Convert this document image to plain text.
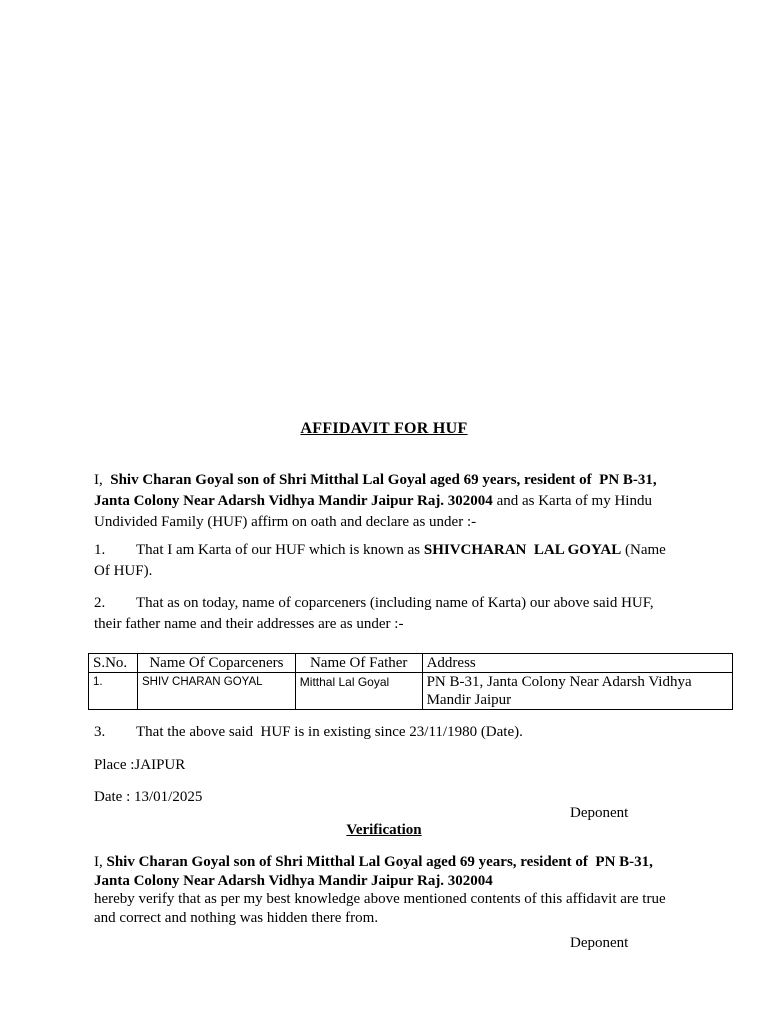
AFFIDAVIT FOR HUF

I,  Shiv Charan Goyal son of Shri Mitthal Lal Goyal aged 69 years, resident of  PN B-31, Janta Colony Near Adarsh Vidhya Mandir Jaipur Raj. 302004 and as Karta of my Hindu Undivided Family (HUF) affirm on oath and declare as under :-

1. That I am Karta of our HUF which is known as SHIVCHARAN  LAL GOYAL (Name Of HUF).

2. That as on today, name of coparceners (including name of Karta) our above said HUF, their father name and their addresses are as under :-

S.No.	Name Of Coparceners	Name Of Father	Address
1.	SHIV CHARAN GOYAL	Mitthal Lal Goyal	PN B-31, Janta Colony Near Adarsh Vidhya Mandir Jaipur

3. That the above said  HUF is in existing since 23/11/1980 (Date).

Place :JAIPUR

Date : 13/01/2025

Deponent

Verification

I, Shiv Charan Goyal son of Shri Mitthal Lal Goyal aged 69 years, resident of  PN B-31, Janta Colony Near Adarsh Vidhya Mandir Jaipur Raj. 302004
hereby verify that as per my best knowledge above mentioned contents of this affidavit are true and correct and nothing was hidden there from.

Deponent
